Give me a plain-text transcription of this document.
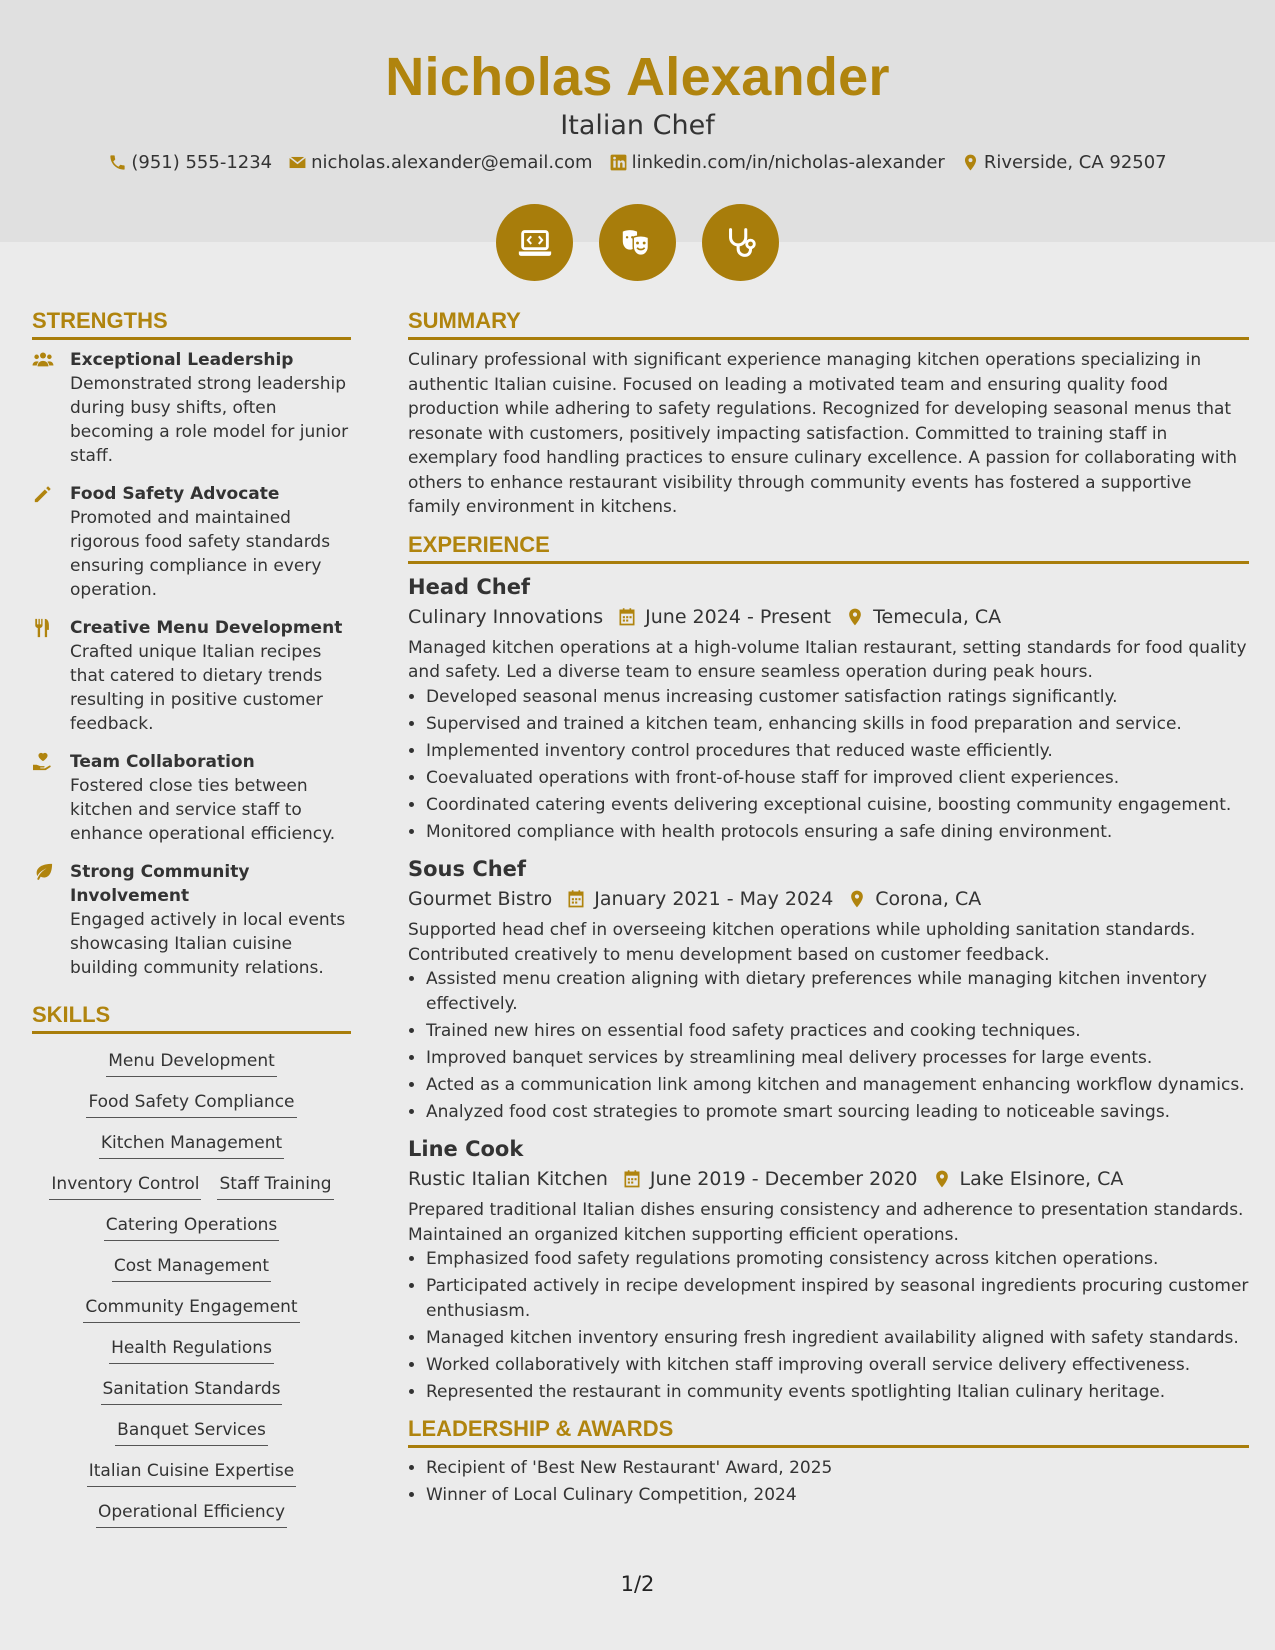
Nicholas Alexander
Italian Chef
(951) 555-1234 nicholas.alexander@email.com linkedin.com/in/nicholas-alexander Riverside, CA 92507
STRENGTHS
Exceptional Leadership
Demonstrated strong leadership during busy shifts, often becoming a role model for junior staff.
Food Safety Advocate
Promoted and maintained rigorous food safety standards ensuring compliance in every operation.
Creative Menu Development
Crafted unique Italian recipes that catered to dietary trends resulting in positive customer feedback.
Team Collaboration
Fostered close ties between kitchen and service staff to enhance operational efficiency.
Strong Community Involvement
Engaged actively in local events showcasing Italian cuisine building community relations.
SKILLS
Menu Development
Food Safety Compliance
Kitchen Management
Inventory Control Staff Training
Catering Operations
Cost Management
Community Engagement
Health Regulations
Sanitation Standards
Banquet Services
Italian Cuisine Expertise
Operational Efficiency
SUMMARY
Culinary professional with significant experience managing kitchen operations specializing in authentic Italian cuisine. Focused on leading a motivated team and ensuring quality food production while adhering to safety regulations. Recognized for developing seasonal menus that resonate with customers, positively impacting satisfaction. Committed to training staff in exemplary food handling practices to ensure culinary excellence. A passion for collaborating with others to enhance restaurant visibility through community events has fostered a supportive family environment in kitchens.
EXPERIENCE
Head Chef
Culinary Innovations June 2024 - Present Temecula, CA
Managed kitchen operations at a high-volume Italian restaurant, setting standards for food quality and safety. Led a diverse team to ensure seamless operation during peak hours.
• Developed seasonal menus increasing customer satisfaction ratings significantly.
• Supervised and trained a kitchen team, enhancing skills in food preparation and service.
• Implemented inventory control procedures that reduced waste efficiently.
• Coevaluated operations with front-of-house staff for improved client experiences.
• Coordinated catering events delivering exceptional cuisine, boosting community engagement.
• Monitored compliance with health protocols ensuring a safe dining environment.
Sous Chef
Gourmet Bistro January 2021 - May 2024 Corona, CA
Supported head chef in overseeing kitchen operations while upholding sanitation standards. Contributed creatively to menu development based on customer feedback.
• Assisted menu creation aligning with dietary preferences while managing kitchen inventory effectively.
• Trained new hires on essential food safety practices and cooking techniques.
• Improved banquet services by streamlining meal delivery processes for large events.
• Acted as a communication link among kitchen and management enhancing workflow dynamics.
• Analyzed food cost strategies to promote smart sourcing leading to noticeable savings.
Line Cook
Rustic Italian Kitchen June 2019 - December 2020 Lake Elsinore, CA
Prepared traditional Italian dishes ensuring consistency and adherence to presentation standards. Maintained an organized kitchen supporting efficient operations.
• Emphasized food safety regulations promoting consistency across kitchen operations.
• Participated actively in recipe development inspired by seasonal ingredients procuring customer enthusiasm.
• Managed kitchen inventory ensuring fresh ingredient availability aligned with safety standards.
• Worked collaboratively with kitchen staff improving overall service delivery effectiveness.
• Represented the restaurant in community events spotlighting Italian culinary heritage.
LEADERSHIP & AWARDS
• Recipient of 'Best New Restaurant' Award, 2025
• Winner of Local Culinary Competition, 2024
1/2
